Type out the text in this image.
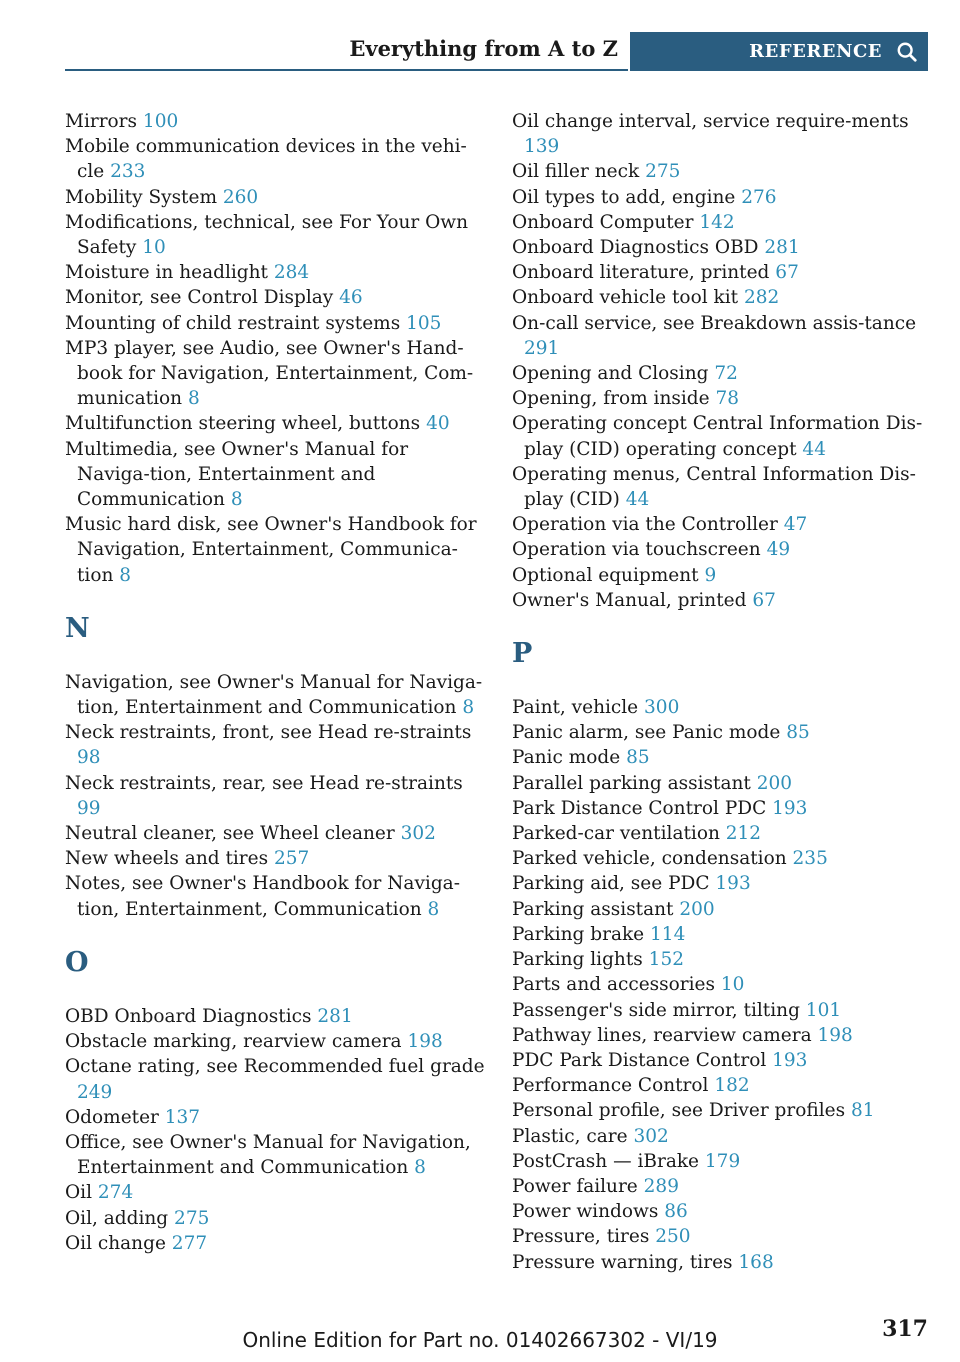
Everything from A to Z	REFERENCE
Mirrors 100
Mobile communication devices in the vehi-cle 233
Mobility System 260
Modifications, technical, see For Your Own Safety 10
Moisture in headlight 284
Monitor, see Control Display 46
Mounting of child restraint systems 105
MP3 player, see Audio, see Owner's Hand-book for Navigation, Entertainment, Com-munication 8
Multifunction steering wheel, buttons 40
Multimedia, see Owner's Manual for Naviga-tion, Entertainment and Communication 8
Music hard disk, see Owner's Handbook for Navigation, Entertainment, Communica-tion 8
N
Navigation, see Owner's Manual for Naviga-tion, Entertainment and Communication 8
Neck restraints, front, see Head re-straints 98
Neck restraints, rear, see Head re-straints 99
Neutral cleaner, see Wheel cleaner 302
New wheels and tires 257
Notes, see Owner's Handbook for Naviga-tion, Entertainment, Communication 8
O
OBD Onboard Diagnostics 281
Obstacle marking, rearview camera 198
Octane rating, see Recommended fuel grade 249
Odometer 137
Office, see Owner's Manual for Navigation, Entertainment and Communication 8
Oil 274
Oil, adding 275
Oil change 277
Oil change interval, service require-ments 139
Oil filler neck 275
Oil types to add, engine 276
Onboard Computer 142
Onboard Diagnostics OBD 281
Onboard literature, printed 67
Onboard vehicle tool kit 282
On-call service, see Breakdown assis-tance 291
Opening and Closing 72
Opening, from inside 78
Operating concept Central Information Dis-play (CID) operating concept 44
Operating menus, Central Information Dis-play (CID) 44
Operation via the Controller 47
Operation via touchscreen 49
Optional equipment 9
Owner's Manual, printed 67
P
Paint, vehicle 300
Panic alarm, see Panic mode 85
Panic mode 85
Parallel parking assistant 200
Park Distance Control PDC 193
Parked-car ventilation 212
Parked vehicle, condensation 235
Parking aid, see PDC 193
Parking assistant 200
Parking brake 114
Parking lights 152
Parts and accessories 10
Passenger's side mirror, tilting 101
Pathway lines, rearview camera 198
PDC Park Distance Control 193
Performance Control 182
Personal profile, see Driver profiles 81
Plastic, care 302
PostCrash — iBrake 179
Power failure 289
Power windows 86
Pressure, tires 250
Pressure warning, tires 168
317
Online Edition for Part no. 01402667302 - VI/19
